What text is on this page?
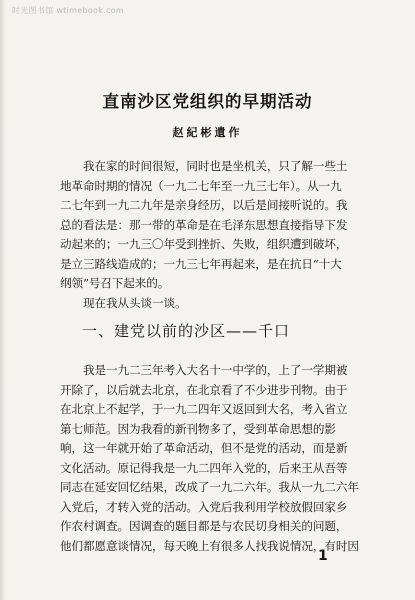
时光图书馆 wtimebook.com
直南沙区党组织的早期活动
赵紀彬遺作
　　我在家的时间很短，同时也是坐机关，只了解一些土
地革命时期的情况（一九二七年至一九三七年）。从一九
二七年到一九二九年是亲身经历，以后是间接听说的。我
总的看法是：那一带的革命是在毛泽东思想直接指导下发
动起来的；一九三〇年受到挫折、失败，组织遭到破坏，
是立三路线造成的；一九三七年再起来，是在抗日“十大
纲领”号召下起来的。
　　现在我从头谈一谈。
一、建党以前的沙区——千口
　　我是一九二三年考入大名十一中学的，上了一学期被
开除了，以后就去北京，在北京看了不少进步刊物。由于
在北京上不起学，于一九二四年又返回到大名，考入省立
第七师范。因为我看的新刊物多了，受到革命思想的影
响，这一年就开始了革命活动，但不是党的活动，而是新
文化活动。原记得我是一九二四年入党的，后来王从吾等
同志在延安回忆结果，改成了一九二六年。我从一九二六年
入党后，才转入党的活动。入党后我利用学校放假回家乡
作农村调查。因调查的题目都是与农民切身相关的问题，
他们都愿意谈情况，每天晚上有很多人找我说情况，有时因
1
